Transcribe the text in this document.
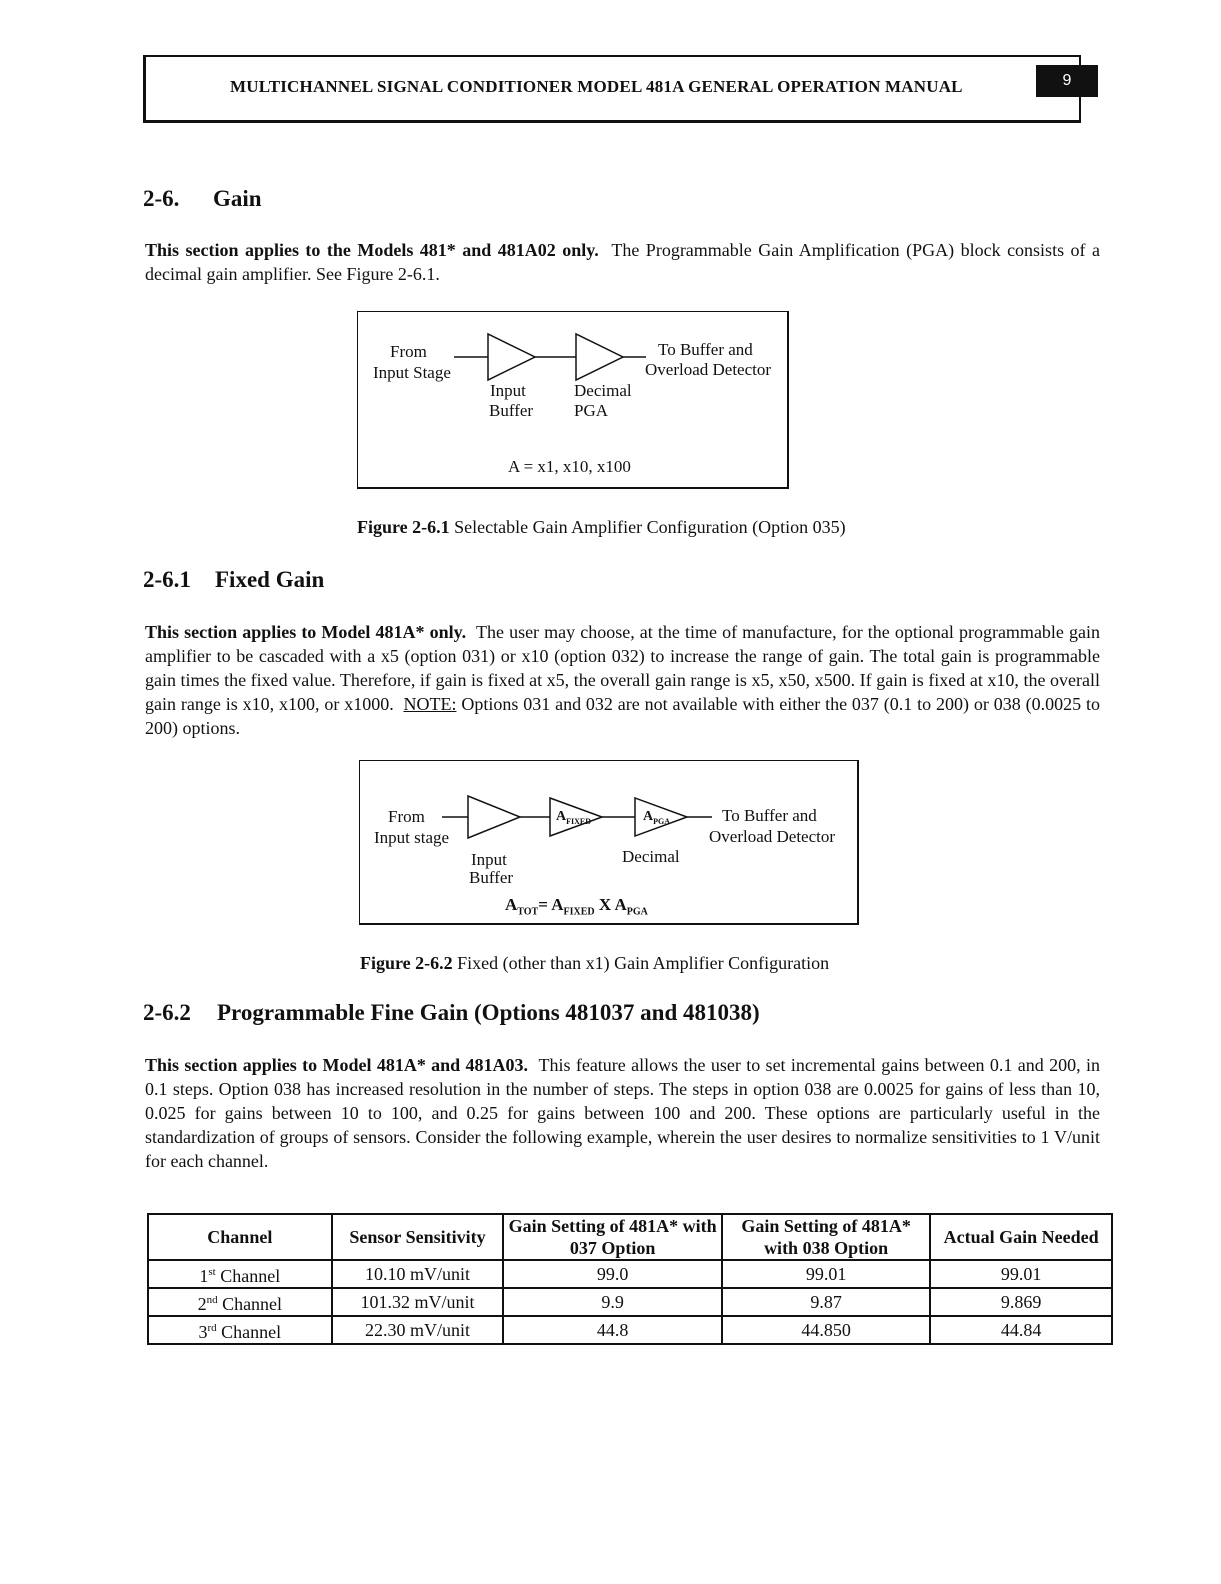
MULTICHANNEL SIGNAL CONDITIONER MODEL 481A GENERAL OPERATION MANUAL	9
2-6. Gain
This section applies to the Models 481* and 481A02 only. The Programmable Gain Amplification (PGA) block consists of a decimal gain amplifier. See Figure 2-6.1.
From
Input Stage
To Buffer and
Overload Detector
Input
Buffer
Decimal
PGA
A = x1, x10, x100
Figure 2-6.1 Selectable Gain Amplifier Configuration (Option 035)
2-6.1 Fixed Gain
This section applies to Model 481A* only. The user may choose, at the time of manufacture, for the optional programmable gain amplifier to be cascaded with a x5 (option 031) or x10 (option 032) to increase the range of gain. The total gain is programmable gain times the fixed value. Therefore, if gain is fixed at x5, the overall gain range is x5, x50, x500. If gain is fixed at x10, the overall gain range is x10, x100, or x1000. NOTE: Options 031 and 032 are not available with either the 037 (0.1 to 200) or 038 (0.0025 to 200) options.
From
Input stage
To Buffer and
Overload Detector
$A_{FIXED}$	$A_{PGA}$
Input
Buffer
Decimal
$A_{TOT}= A_{FIXED}$ X $A_{PGA}$
Figure 2-6.2 Fixed (other than x1) Gain Amplifier Configuration
2-6.2 Programmable Fine Gain (Options 481037 and 481038)
This section applies to Model 481A* and 481A03. This feature allows the user to set incremental gains between 0.1 and 200, in 0.1 steps. Option 038 has increased resolution in the number of steps. The steps in option 038 are 0.0025 for gains of less than 10, 0.025 for gains between 10 to 100, and 0.25 for gains between 100 and 200. These options are particularly useful in the standardization of groups of sensors. Consider the following example, wherein the user desires to normalize sensitivities to 1 V/unit for each channel.
Channel	Sensor Sensitivity	Gain Setting of 481A* with 037 Option	Gain Setting of 481A* with 038 Option	Actual Gain Needed
1st Channel	10.10 mV/unit	99.0	99.01	99.01
2nd Channel	101.32 mV/unit	9.9	9.87	9.869
3rd Channel	22.30 mV/unit	44.8	44.850	44.84
